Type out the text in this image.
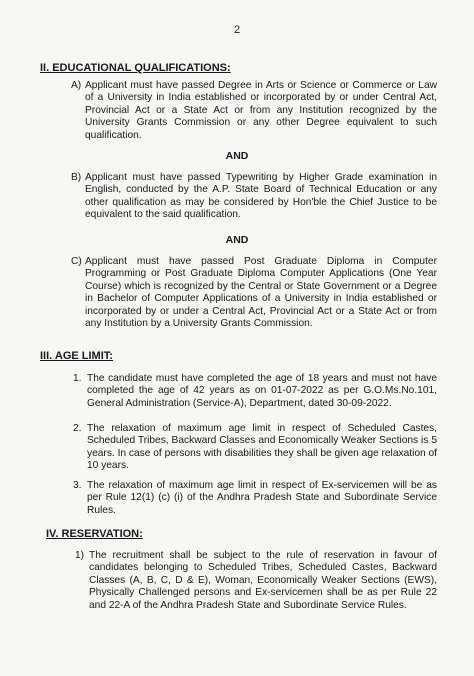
2
II. EDUCATIONAL QUALIFICATIONS:
A) Applicant must have passed Degree in Arts or Science or Commerce or Law of a University in India established or incorporated by or under Central Act, Provincial Act or a State Act or from any Institution recognized by the University Grants Commission or any other Degree equivalent to such qualification.
AND
B) Applicant must have passed Typewriting by Higher Grade examination in English, conducted by the A.P. State Board of Technical Education or any other qualification as may be considered by Hon'ble the Chief Justice to be equivalent to the said qualification.
AND
C) Applicant must have passed Post Graduate Diploma in Computer Programming or Post Graduate Diploma Computer Applications (One Year Course) which is recognized by the Central or State Government or a Degree in Bachelor of Computer Applications of a University in India established or incorporated by or under a Central Act, Provincial Act or a State Act or from any Institution by a University Grants Commission.
III. AGE LIMIT:
1. The candidate must have completed the age of 18 years and must not have completed the age of 42 years as on 01-07-2022 as per G.O.Ms.No.101, General Administration (Service-A), Department, dated 30-09-2022.
2. The relaxation of maximum age limit in respect of Scheduled Castes, Scheduled Tribes, Backward Classes and Economically Weaker Sections is 5 years. In case of persons with disabilities they shall be given age relaxation of 10 years.
3. The relaxation of maximum age limit in respect of Ex-servicemen will be as per Rule 12(1) (c) (i) of the Andhra Pradesh State and Subordinate Service Rules.
IV. RESERVATION:
1) The recruitment shall be subject to the rule of reservation in favour of candidates belonging to Scheduled Tribes, Scheduled Castes, Backward Classes (A, B, C, D & E), Woman, Economically Weaker Sections (EWS), Physically Challenged persons and Ex-servicemen shall be as per Rule 22 and 22-A of the Andhra Pradesh State and Subordinate Service Rules.
